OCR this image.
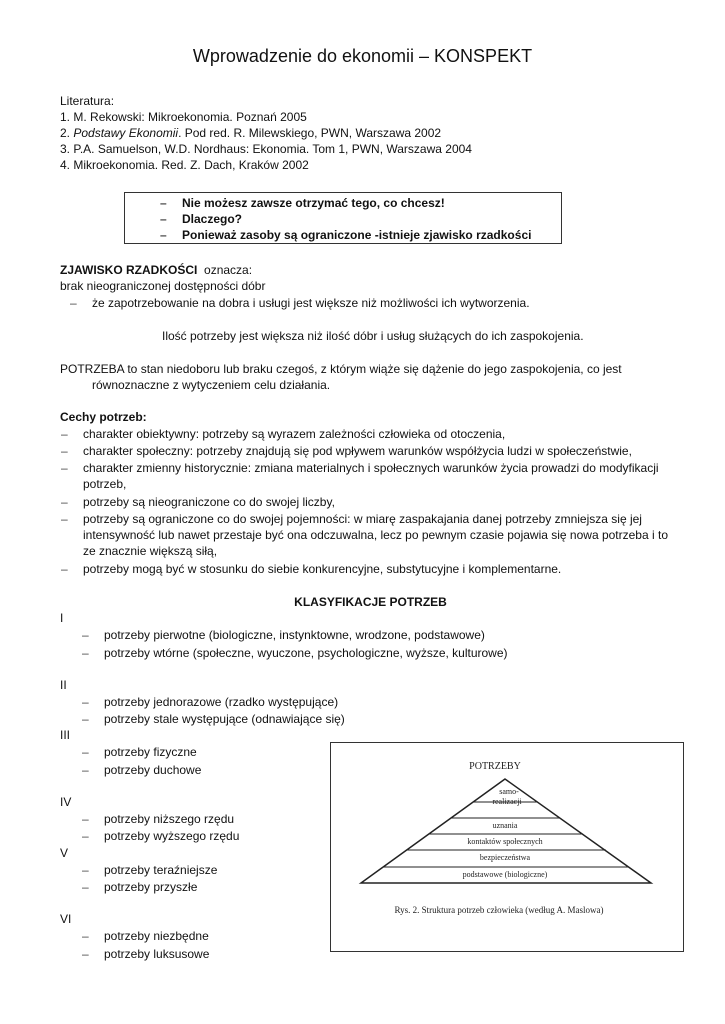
Wprowadzenie do ekonomii – KONSPEKT
Literatura:
1. M. Rekowski: Mikroekonomia. Poznań 2005
2. Podstawy Ekonomii. Pod red. R. Milewskiego, PWN, Warszawa 2002
3. P.A. Samuelson, W.D. Nordhaus: Ekonomia. Tom 1, PWN, Warszawa 2004
4. Mikroekonomia. Red. Z. Dach, Kraków 2002
– Nie możesz zawsze otrzymać tego, co chcesz!
– Dlaczego?
– Ponieważ zasoby są ograniczone -istnieje zjawisko rzadkości
ZJAWISKO RZADKOŚCI oznacza:
brak nieograniczonej dostępności dóbr
– że zapotrzebowanie na dobra i usługi jest większe niż możliwości ich wytworzenia.
Ilość potrzeby jest większa niż ilość dóbr i usług służących do ich zaspokojenia.
POTRZEBA to stan niedoboru lub braku czegoś, z którym wiąże się dążenie do jego zaspokojenia, co jest
równoznaczne z wytyczeniem celu działania.
Cechy potrzeb:
– charakter obiektywny: potrzeby są wyrazem zależności człowieka od otoczenia,
– charakter społeczny: potrzeby znajdują się pod wpływem warunków współżycia ludzi w społeczeństwie,
– charakter zmienny historycznie: zmiana materialnych i społecznych warunków życia prowadzi do modyfikacji
potrzeb,
– potrzeby są nieograniczone co do swojej liczby,
– potrzeby są ograniczone co do swojej pojemności: w miarę zaspakajania danej potrzeby zmniejsza się jej
intensywność lub nawet przestaje być ona odczuwalna, lecz po pewnym czasie pojawia się nowa potrzeba i to
ze znacznie większą siłą,
– potrzeby mogą być w stosunku do siebie konkurencyjne, substytucyjne i komplementarne.
KLASYFIKACJE POTRZEB
I
– potrzeby pierwotne (biologiczne, instynktowne, wrodzone, podstawowe)
– potrzeby wtórne (społeczne, wyuczone, psychologiczne, wyższe, kulturowe)
II
– potrzeby jednorazowe (rzadko występujące)
– potrzeby stale występujące (odnawiające się)
III
– potrzeby fizyczne
– potrzeby duchowe
IV
– potrzeby niższego rzędu
– potrzeby wyższego rzędu
V
– potrzeby teraźniejsze
– potrzeby przyszłe
VI
– potrzeby niezbędne
– potrzeby luksusowe
POTRZEBY
samo-
realizacji
uznania
kontaktów społecznych
bezpieczeństwa
podstawowe (biologiczne)
Rys. 2. Struktura potrzeb człowieka (według A. Maslowa)
